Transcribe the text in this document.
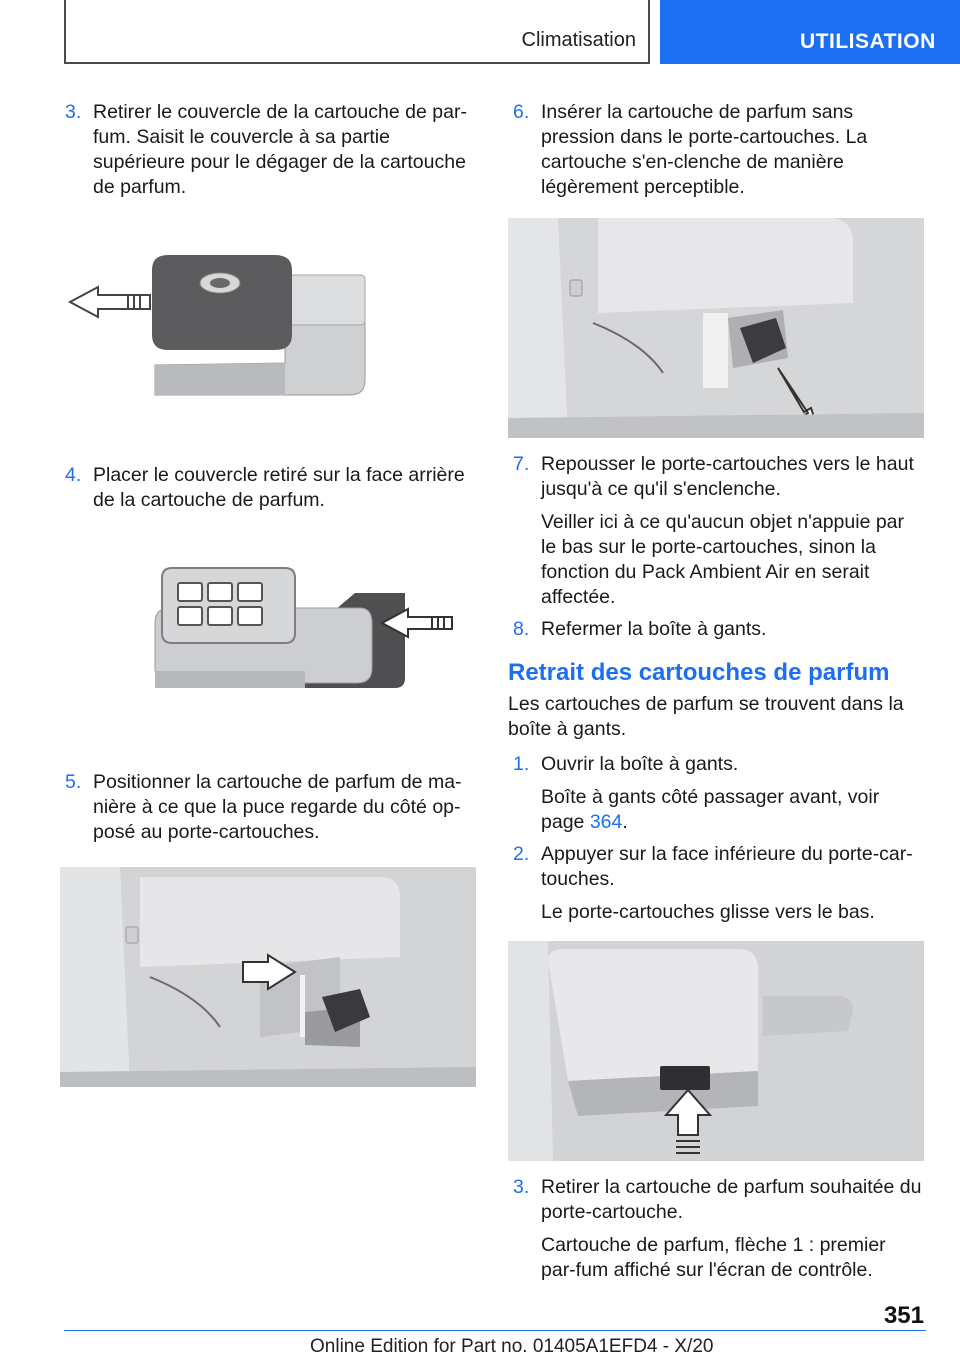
Climatisation	UTILISATION
3. Retirer le couvercle de la cartouche de par-fum. Saisit le couvercle à sa partie supérieure pour le dégager de la cartouche de parfum.

4. Placer le couvercle retiré sur la face arrière de la cartouche de parfum.

5. Positionner la cartouche de parfum de ma-nière à ce que la puce regarde du côté op-posé au porte-cartouches.

6. Insérer la cartouche de parfum sans pression dans le porte-cartouches. La cartouche s'en-clenche de manière légèrement perceptible.

7. Repousser le porte-cartouches vers le haut jusqu'à ce qu'il s'enclenche.

Veiller ici à ce qu'aucun objet n'appuie par le bas sur le porte-cartouches, sinon la fonction du Pack Ambient Air en serait affectée.

8. Refermer la boîte à gants.

Retrait des cartouches de parfum

Les cartouches de parfum se trouvent dans la boîte à gants.

1. Ouvrir la boîte à gants.

Boîte à gants côté passager avant, voir page 364.

2. Appuyer sur la face inférieure du porte-car-touches.

Le porte-cartouches glisse vers le bas.

3. Retirer la cartouche de parfum souhaitée du porte-cartouche.

Cartouche de parfum, flèche 1 : premier par-fum affiché sur l'écran de contrôle.

351
Online Edition for Part no. 01405A1EFD4 - X/20
